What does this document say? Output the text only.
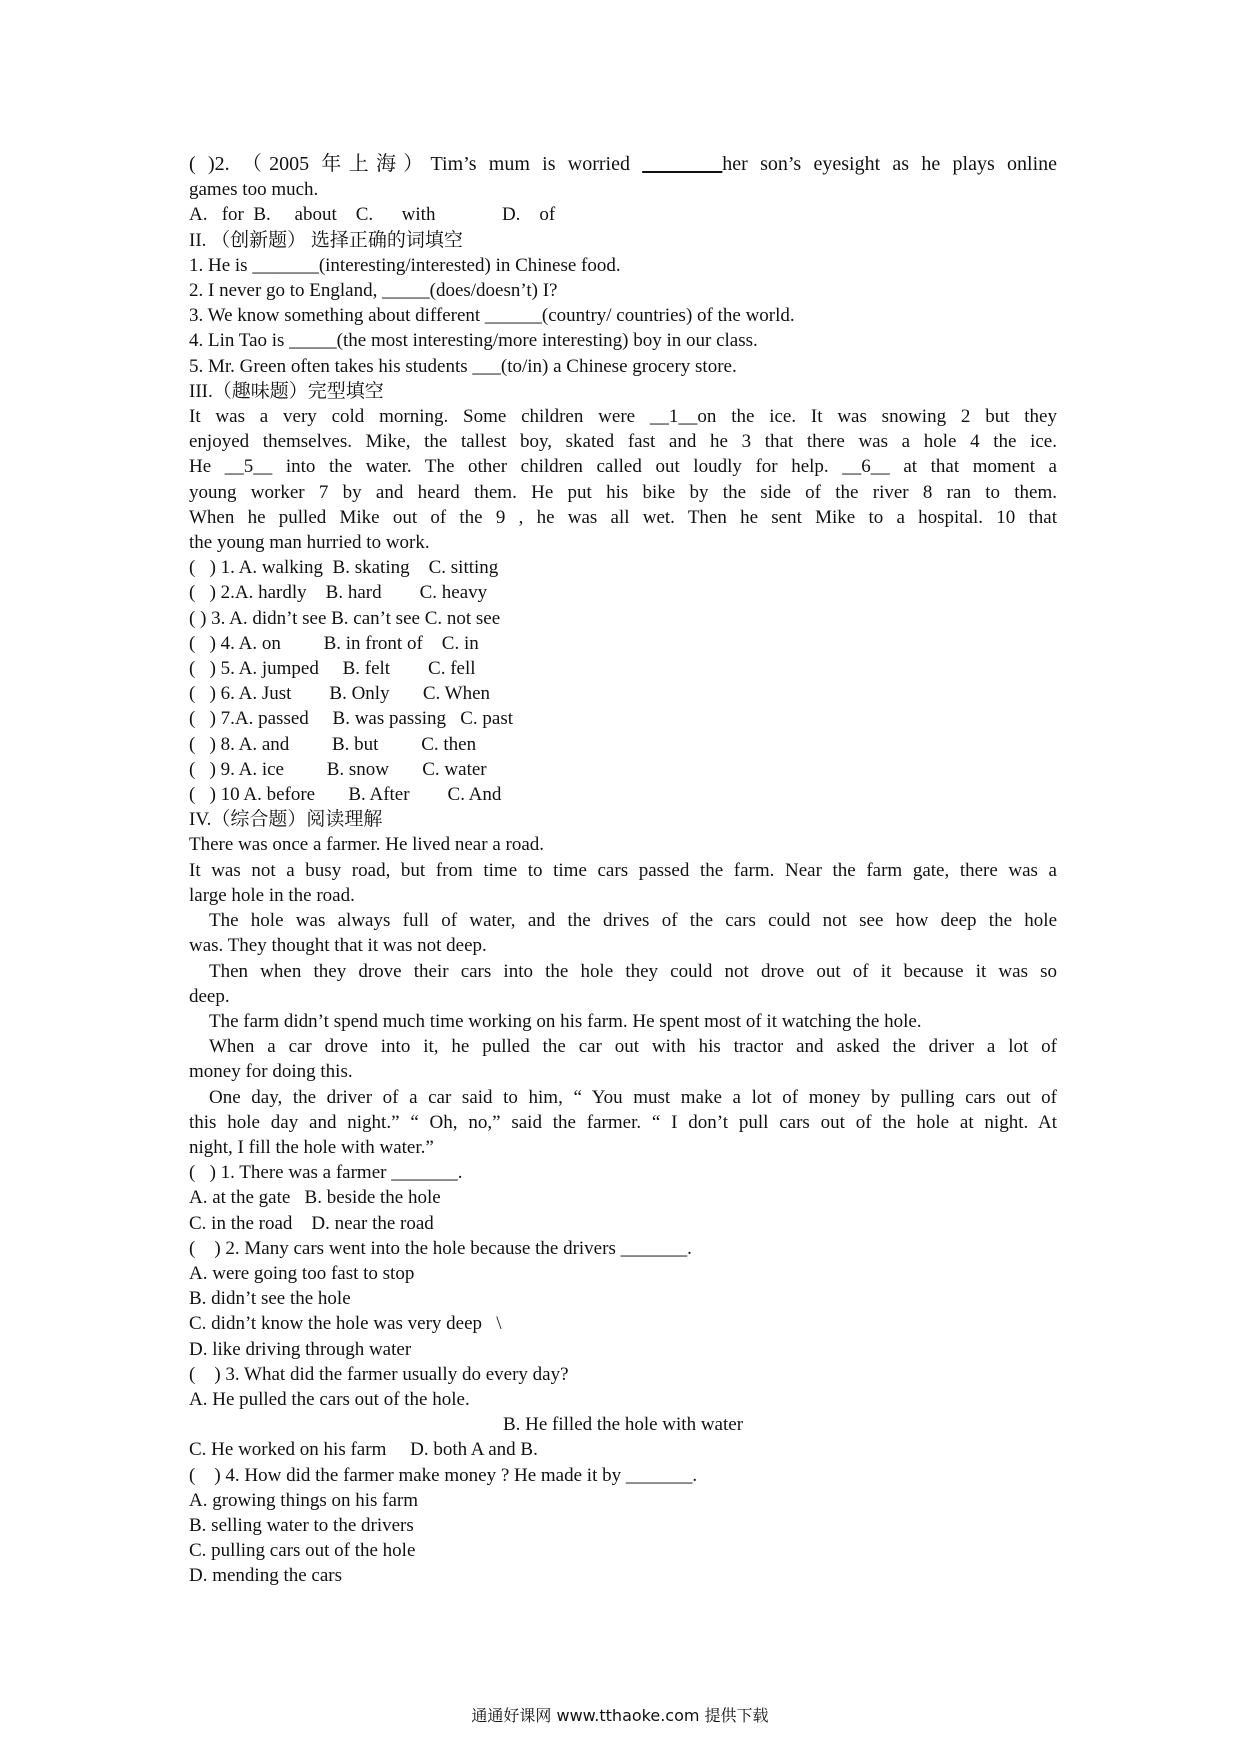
( )2. （2005 年上海）Tim’s mum is worried ________her son’s eyesight as he plays online
games too much.
A.   for  B.     about    C.      with              D.    of
II. （创新题） 选择正确的词填空
1. He is _______(interesting/interested) in Chinese food.
2. I never go to England, _____(does/doesn’t) I?
3. We know something about different ______(country/ countries) of the world.
4. Lin Tao is _____(the most interesting/more interesting) boy in our class.
5. Mr. Green often takes his students ___(to/in) a Chinese grocery store.
III.（趣味题）完型填空
It was a very cold morning. Some children were __1__on the ice. It was snowing 2 but they
enjoyed themselves. Mike, the tallest boy, skated fast and he 3 that there was a hole 4 the ice.
He __5__ into the water. The other children called out loudly for help. __6__ at that moment a
young worker 7 by and heard them. He put his bike by the side of the river 8 ran to them.
When he pulled Mike out of the 9 , he was all wet. Then he sent Mike to a hospital. 10 that
the young man hurried to work.
(   ) 1. A. walking  B. skating    C. sitting
(   ) 2.A. hardly    B. hard        C. heavy
( ) 3. A. didn’t see B. can’t see C. not see
(   ) 4. A. on         B. in front of    C. in
(   ) 5. A. jumped     B. felt        C. fell
(   ) 6. A. Just        B. Only       C. When
(   ) 7.A. passed     B. was passing   C. past
(   ) 8. A. and         B. but         C. then
(   ) 9. A. ice         B. snow       C. water
(   ) 10 A. before       B. After        C. And
IV.（综合题）阅读理解
There was once a farmer. He lived near a road.
It was not a busy road, but from time to time cars passed the farm. Near the farm gate, there was a
large hole in the road.
The hole was always full of water, and the drives of the cars could not see how deep the hole
was. They thought that it was not deep.
Then when they drove their cars into the hole they could not drove out of it because it was so
deep.
The farm didn’t spend much time working on his farm. He spent most of it watching the hole.
When a car drove into it, he pulled the car out with his tractor and asked the driver a lot of
money for doing this.
One day, the driver of a car said to him, “ You must make a lot of money by pulling cars out of
this hole day and night.” “ Oh, no,” said the farmer. “ I don’t pull cars out of the hole at night. At
night, I fill the hole with water.”
(   ) 1. There was a farmer _______.
A. at the gate   B. beside the hole
C. in the road    D. near the road
(    ) 2. Many cars went into the hole because the drivers _______.
A. were going too fast to stop
B. didn’t see the hole
C. didn’t know the hole was very deep   \
D. like driving through water
(    ) 3. What did the farmer usually do every day?
A. He pulled the cars out of the hole.
B. He filled the hole with water
C. He worked on his farm     D. both A and B.
(    ) 4. How did the farmer make money ? He made it by _______.
A. growing things on his farm
B. selling water to the drivers
C. pulling cars out of the hole
D. mending the cars
通通好课网 www.tthaoke.com 提供下载
